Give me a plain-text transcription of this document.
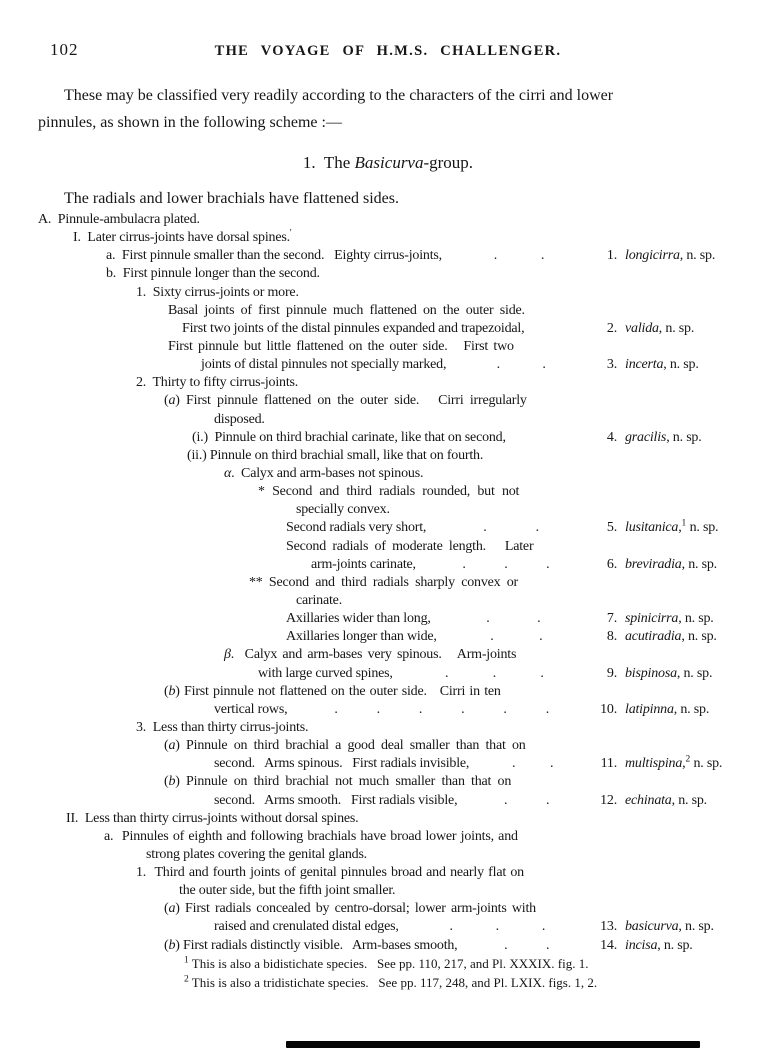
102	THE VOYAGE OF H.M.S. CHALLENGER.
These may be classified very readily according to the characters of the cirri and lower
pinnules, as shown in the following scheme :—
1.  The Basicurva-group.
The radials and lower brachials have flattened sides.
A.  Pinnule-ambulacra plated.
I.  Later cirrus-joints have dorsal spines.'
a.  First pinnule smaller than the second.   Eighty cirrus-joints,	.	.	1. longicirra, n. sp.
b.  First pinnule longer than the second.
1.  Sixty cirrus-joints or more.
Basal joints of first pinnule much flattened on the outer side.
First two joints of the distal pinnules expanded and trapezoidal,	2. valida, n. sp.
First pinnule but little flattened on the outer side.   First two
joints of distal pinnules not specially marked,	.	.	3. incerta, n. sp.
2.  Thirty to fifty cirrus-joints.
(a) First pinnule flattened on the outer side.   Cirri irregularly
disposed.
(i.)  Pinnule on third brachial carinate, like that on second,	4. gracilis, n. sp.
(ii.) Pinnule on third brachial small, like that on fourth.
α.  Calyx and arm-bases not spinous.
* Second and third radials rounded, but not
specially convex.
Second radials very short,	.	.	5. lusitanica,$^1$ n. sp.
Second radials of moderate length.   Later
arm-joints carinate,	.	.	.	6. breviradia, n. sp.
** Second and third radials sharply convex or
carinate.
Axillaries wider than long,	.	.	7. spinicirra, n. sp.
Axillaries longer than wide,	.	.	8. acutiradia, n. sp.
β.  Calyx and arm-bases very spinous.   Arm-joints
with large curved spines,	.	.	.	9. bispinosa, n. sp.
(b) First pinnule not flattened on the outer side.   Cirri in ten
vertical rows,	.	.	.	.	.	.	10. latipinna, n. sp.
3.  Less than thirty cirrus-joints.
(a) Pinnule on third brachial a good deal smaller than that on
second.   Arms spinous.   First radials invisible,	. .	11. multispina,$^2$ n. sp.
(b) Pinnule on third brachial not much smaller than that on
second.   Arms smooth.   First radials visible,	.	.	12. echinata, n. sp.
II.  Less than thirty cirrus-joints without dorsal spines.
a.  Pinnules of eighth and following brachials have broad lower joints, and
strong plates covering the genital glands.
1.  Third and fourth joints of genital pinnules broad and nearly flat on
the outer side, but the fifth joint smaller.
(a) First radials concealed by centro-dorsal; lower arm-joints with
raised and crenulated distal edges,	.	.	.	13. basicurva, n. sp.
(b) First radials distinctly visible.   Arm-bases smooth,	.	.	14. incisa, n. sp.
$^1$ This is also a bidistichate species.   See pp. 110, 217, and Pl. XXXIX. fig. 1.
$^2$ This is also a tridistichate species.   See pp. 117, 248, and Pl. LXIX. figs. 1, 2.
